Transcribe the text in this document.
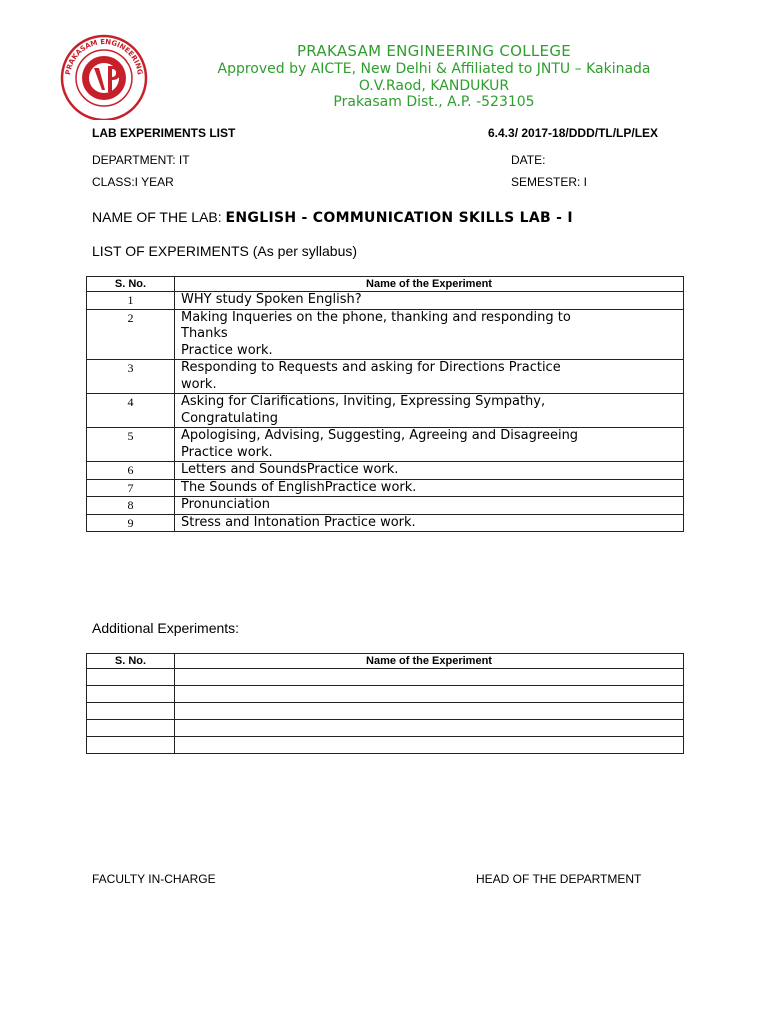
PRAKASAM ENGINEERING
PRAKASAM ENGINEERING COLLEGE
Approved by AICTE, New Delhi & Affiliated to JNTU – Kakinada
O.V.Raod, KANDUKUR
Prakasam Dist., A.P. -523105
LAB EXPERIMENTS LIST	6.4.3/ 2017-18/DDD/TL/LP/LEX
DEPARTMENT: IT	DATE:
CLASS:I YEAR	SEMESTER: I
NAME OF THE LAB: ENGLISH - COMMUNICATION SKILLS LAB - I
LIST OF EXPERIMENTS (As per syllabus)
S. No.	Name of the Experiment
1	WHY study Spoken English?

2	Making Inqueries on the phone, thanking and responding to
Thanks
Practice work.

3	Responding to Requests and asking for Directions Practice
work.

4	Asking for Clarifications, Inviting, Expressing Sympathy,
Congratulating

5	Apologising, Advising, Suggesting, Agreeing and Disagreeing
Practice work.

6	Letters and SoundsPractice work.

7	The Sounds of EnglishPractice work.

8	Pronunciation

9	Stress and Intonation Practice work.
Additional Experiments:
S. No.	Name of the Experiment

FACULTY IN-CHARGE	HEAD OF THE DEPARTMENT
